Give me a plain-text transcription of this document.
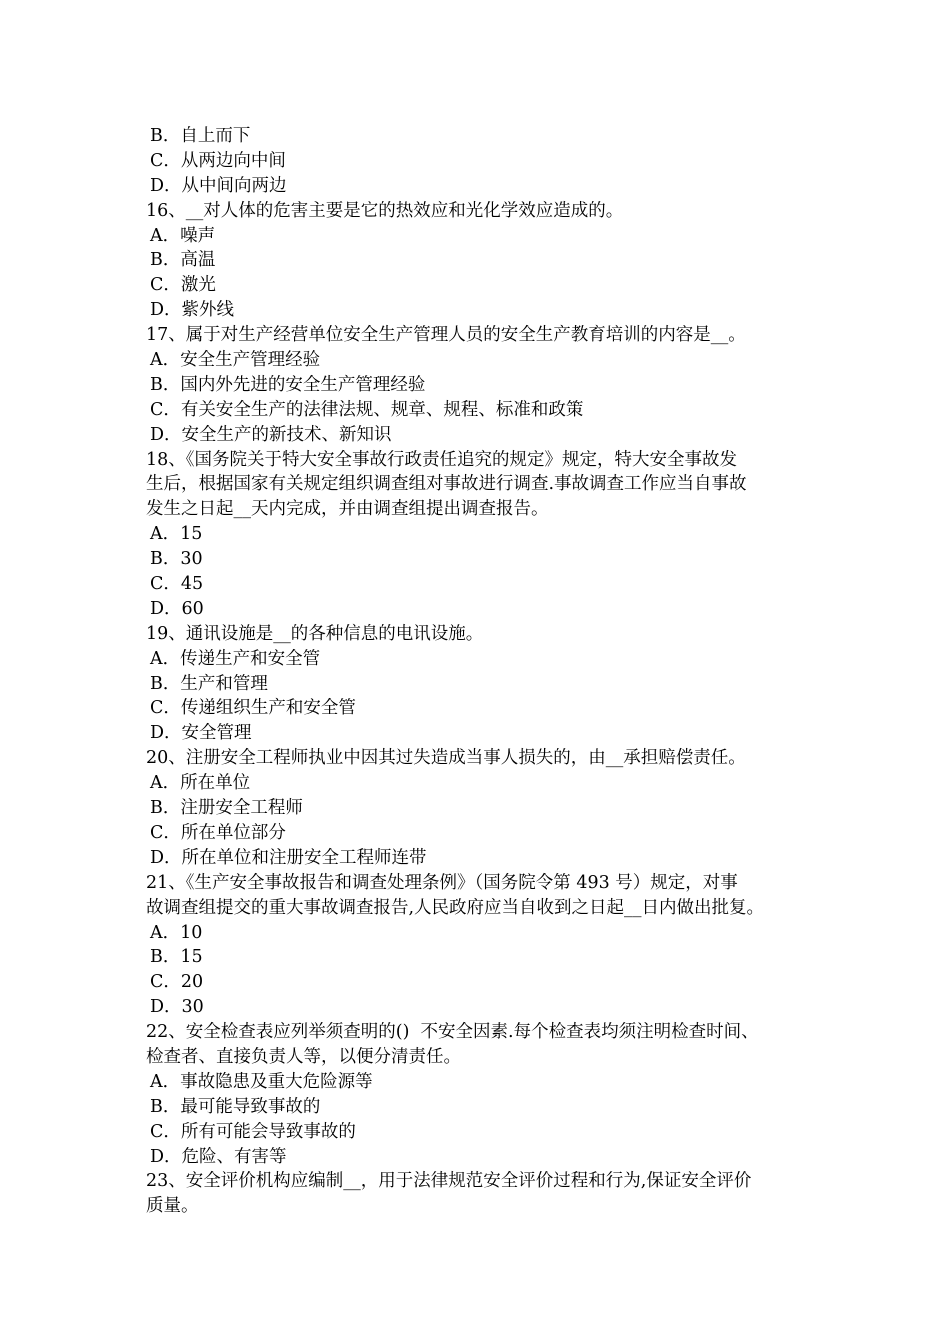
B．自上而下
C．从两边向中间
D．从中间向两边
16、__对人体的危害主要是它的热效应和光化学效应造成的。
A．噪声
B．高温
C．激光
D．紫外线
17、属于对生产经营单位安全生产管理人员的安全生产教育培训的内容是__。
A．安全生产管理经验
B．国内外先进的安全生产管理经验
C．有关安全生产的法律法规、规章、规程、标准和政策
D．安全生产的新技术、新知识
18、《国务院关于特大安全事故行政责任追究的规定》规定，特大安全事故发
生后，根据国家有关规定组织调查组对事故进行调查.事故调查工作应当自事故
发生之日起__天内完成，并由调查组提出调查报告。
A．15
B．30
C．45
D．60
19、通讯设施是__的各种信息的电讯设施。
A．传递生产和安全管
B．生产和管理
C．传递组织生产和安全管
D．安全管理
20、注册安全工程师执业中因其过失造成当事人损失的，由__承担赔偿责任。
A．所在单位
B．注册安全工程师
C．所在单位部分
D．所在单位和注册安全工程师连带
21、《生产安全事故报告和调查处理条例》（国务院令第 493 号）规定，对事
故调查组提交的重大事故调查报告,人民政府应当自收到之日起__日内做出批复。
A．10
B．15
C．20
D．30
22、安全检查表应列举须查明的()  不安全因素.每个检查表均须注明检查时间、
检查者、直接负责人等，以便分清责任。
A．事故隐患及重大危险源等
B．最可能导致事故的
C．所有可能会导致事故的
D．危险、有害等
23、安全评价机构应编制__，用于法律规范安全评价过程和行为,保证安全评价
质量。
